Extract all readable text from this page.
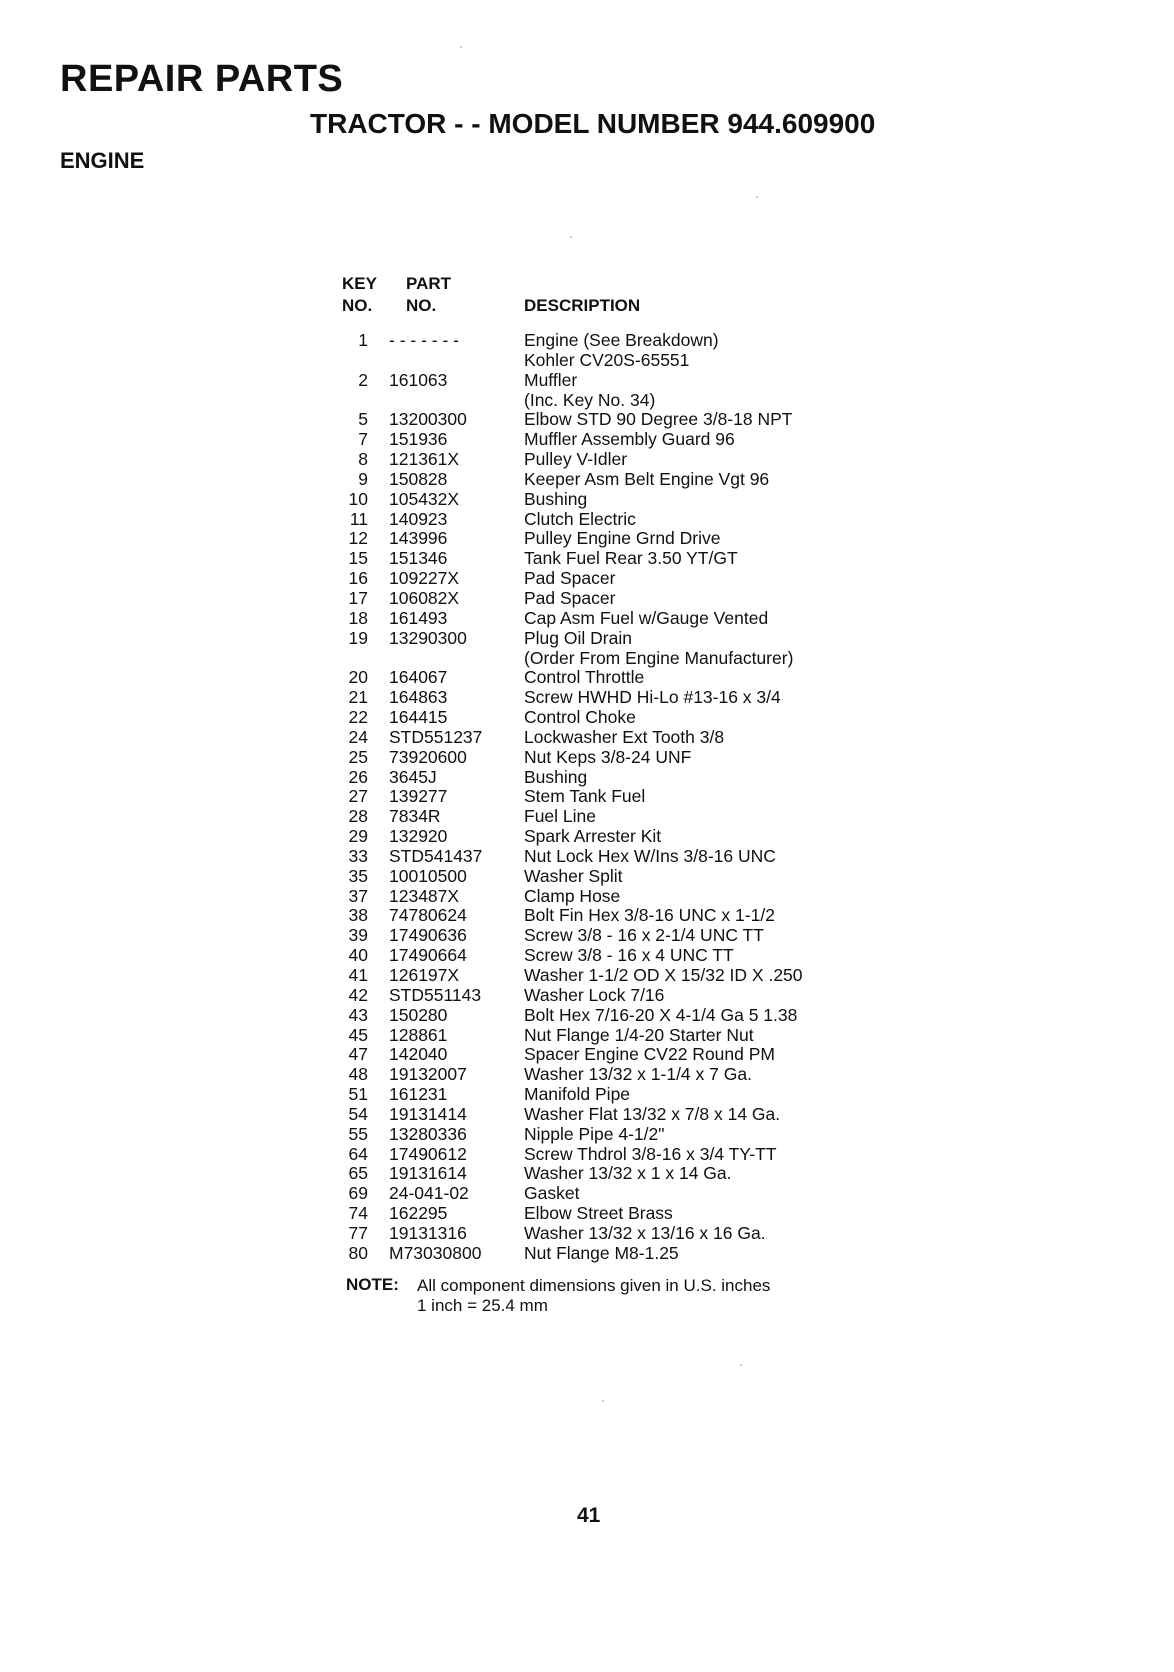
REPAIR PARTS
TRACTOR - - MODEL NUMBER 944.609900
ENGINE
KEY
NO.
PART
NO.	DESCRIPTION
1 - - - - - - -	Engine (See Breakdown)
Kohler CV20S-65551
2 161063	Muffler
(Inc. Key No. 34)
5 13200300	Elbow STD 90 Degree 3/8-18 NPT
7 151936	Muffler Assembly Guard 96
8 121361X	Pulley V-Idler
9 150828	Keeper Asm Belt Engine Vgt 96
10 105432X	Bushing
11 140923	Clutch Electric
12 143996	Pulley Engine Grnd Drive
15 151346	Tank Fuel Rear 3.50 YT/GT
16 109227X	Pad Spacer
17 106082X	Pad Spacer
18 161493	Cap Asm Fuel w/Gauge Vented
19 13290300	Plug Oil Drain
(Order From Engine Manufacturer)
20 164067	Control Throttle
21 164863	Screw HWHD Hi-Lo #13-16 x 3/4
22 164415	Control Choke
24 STD551237 Lockwasher Ext Tooth 3/8
25 73920600	Nut Keps 3/8-24 UNF
26 3645J	Bushing
27 139277	Stem Tank Fuel
28 7834R	Fuel Line
29 132920	Spark Arrester Kit
33 STD541437 Nut Lock Hex W/Ins 3/8-16 UNC
35 10010500	Washer Split
37 123487X	Clamp Hose
38 74780624	Bolt Fin Hex 3/8-16 UNC x 1-1/2
39 17490636	Screw 3/8 - 16 x 2-1/4 UNC TT
40 17490664	Screw 3/8 - 16 x 4 UNC TT
41 126197X	Washer 1-1/2 OD X 15/32 ID X .250
42 STD551143 Washer Lock 7/16
43 150280	Bolt Hex 7/16-20 X 4-1/4 Ga 5 1.38
45 128861	Nut Flange 1/4-20 Starter Nut
47 142040	Spacer Engine CV22 Round PM
48 19132007	Washer 13/32 x 1-1/4 x 7 Ga.
51 161231	Manifold Pipe
54 19131414	Washer Flat 13/32 x 7/8 x 14 Ga.
55 13280336	Nipple Pipe 4-1/2"
64 17490612	Screw Thdrol 3/8-16 x 3/4 TY-TT
65 19131614	Washer 13/32 x 1 x 14 Ga.
69 24-041-02	Gasket
74 162295	Elbow Street Brass
77 19131316	Washer 13/32 x 13/16 x 16 Ga.
80 M73030800 Nut Flange M8-1.25
NOTE: All component dimensions given in U.S. inches
1 inch = 25.4 mm
41
